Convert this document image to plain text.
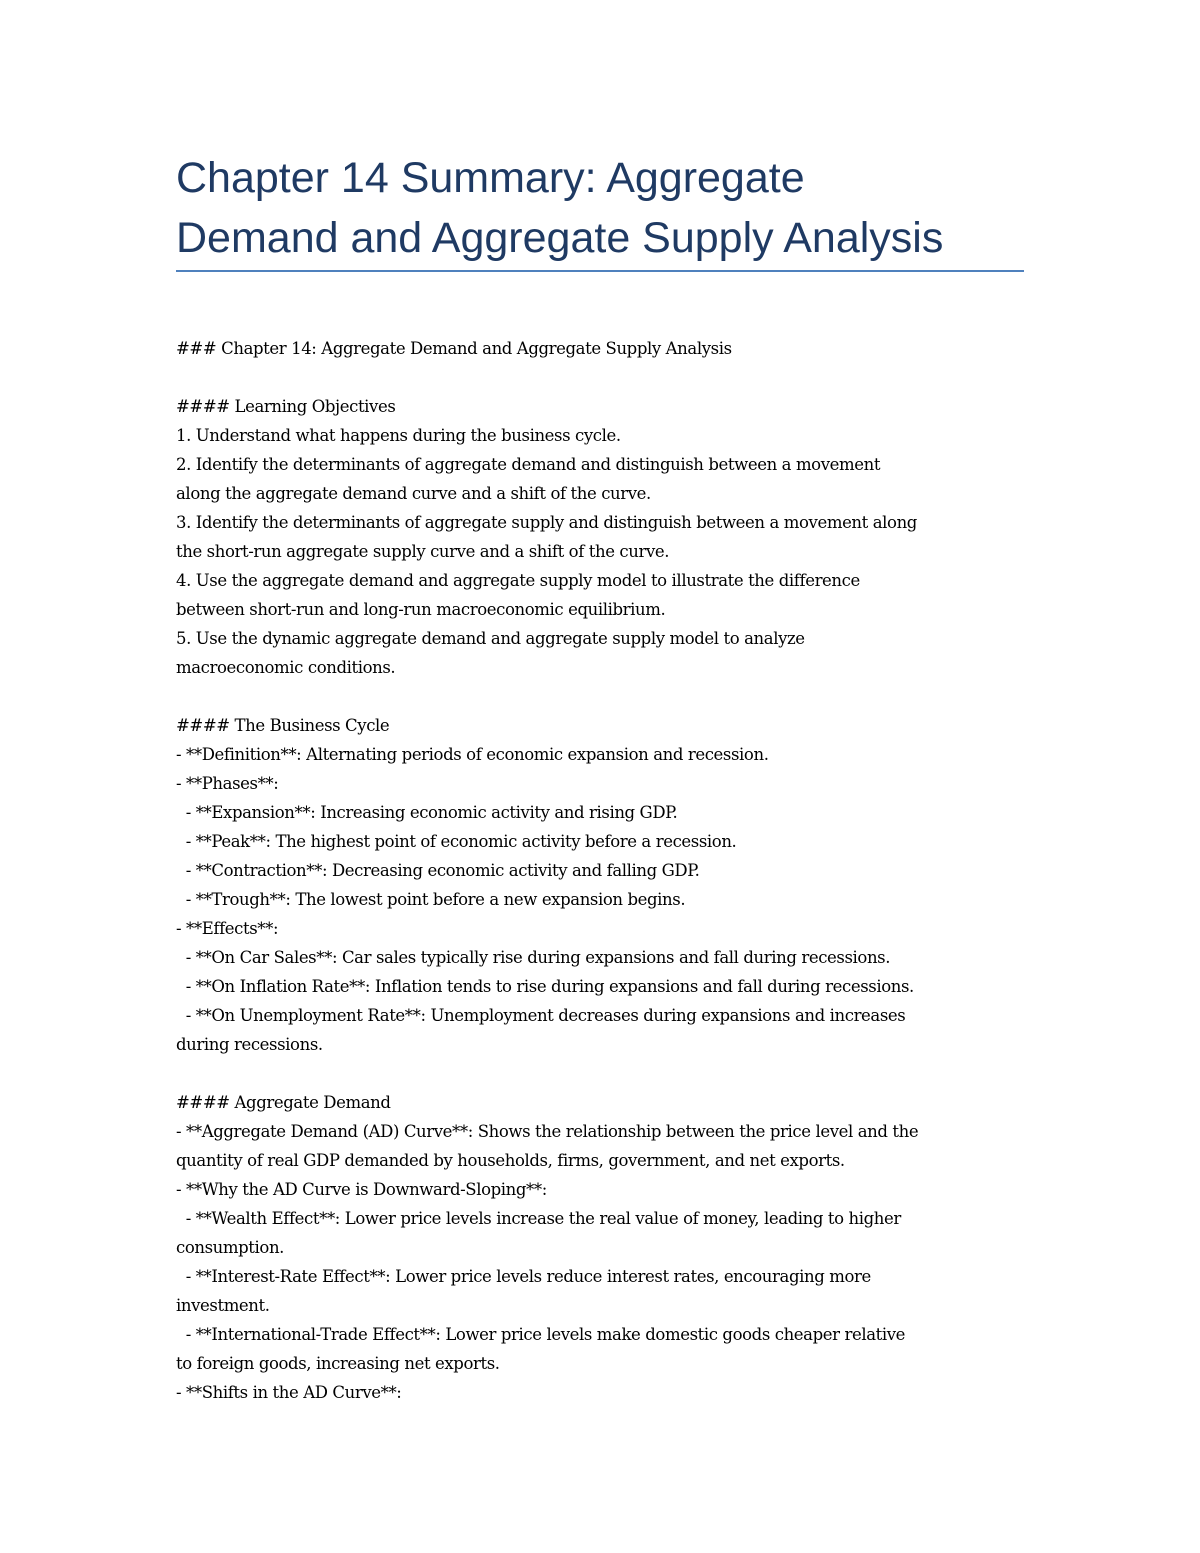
Chapter 14 Summary: Aggregate
Demand and Aggregate Supply Analysis
### Chapter 14: Aggregate Demand and Aggregate Supply Analysis
#### Learning Objectives
1. Understand what happens during the business cycle.
2. Identify the determinants of aggregate demand and distinguish between a movement
along the aggregate demand curve and a shift of the curve.
3. Identify the determinants of aggregate supply and distinguish between a movement along
the short-run aggregate supply curve and a shift of the curve.
4. Use the aggregate demand and aggregate supply model to illustrate the difference
between short-run and long-run macroeconomic equilibrium.
5. Use the dynamic aggregate demand and aggregate supply model to analyze
macroeconomic conditions.
#### The Business Cycle
- **Definition**: Alternating periods of economic expansion and recession.
- **Phases**:
- **Expansion**: Increasing economic activity and rising GDP.
- **Peak**: The highest point of economic activity before a recession.
- **Contraction**: Decreasing economic activity and falling GDP.
- **Trough**: The lowest point before a new expansion begins.
- **Effects**:
- **On Car Sales**: Car sales typically rise during expansions and fall during recessions.
- **On Inflation Rate**: Inflation tends to rise during expansions and fall during recessions.
- **On Unemployment Rate**: Unemployment decreases during expansions and increases
during recessions.
#### Aggregate Demand
- **Aggregate Demand (AD) Curve**: Shows the relationship between the price level and the
quantity of real GDP demanded by households, firms, government, and net exports.
- **Why the AD Curve is Downward-Sloping**:
- **Wealth Effect**: Lower price levels increase the real value of money, leading to higher
consumption.
- **Interest-Rate Effect**: Lower price levels reduce interest rates, encouraging more
investment.
- **International-Trade Effect**: Lower price levels make domestic goods cheaper relative
to foreign goods, increasing net exports.
- **Shifts in the AD Curve**:
